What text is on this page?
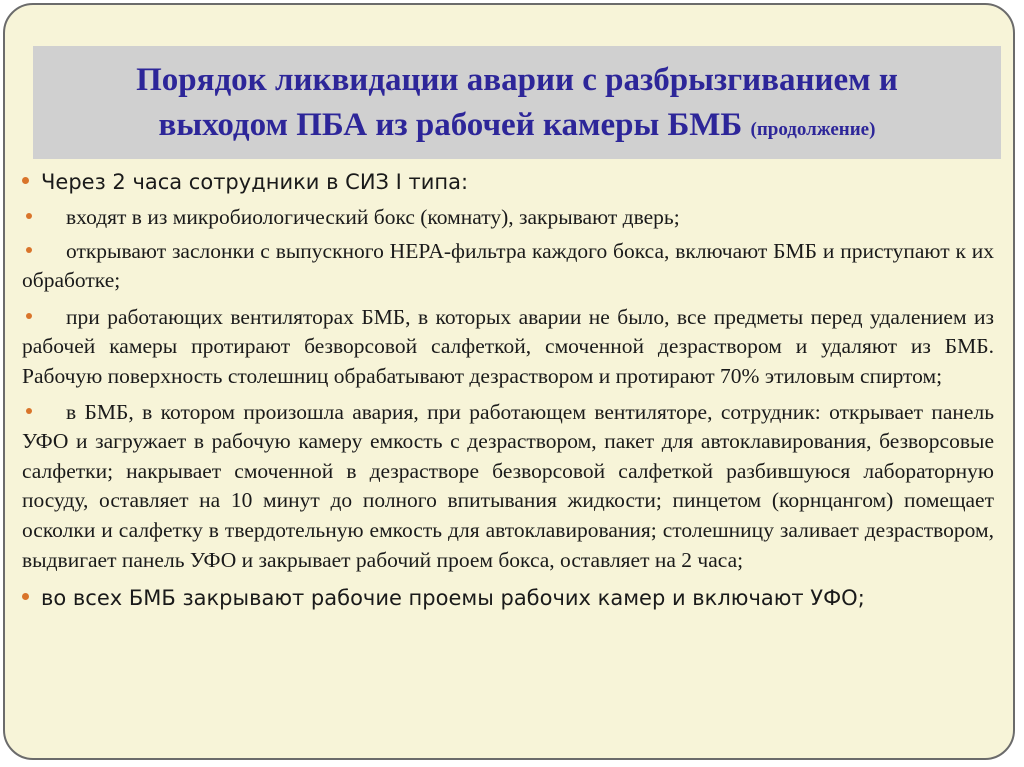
Порядок ликвидации аварии с разбрызгиванием и
выходом ПБА из рабочей камеры БМБ (продолжение)
Через 2 часа сотрудники в СИЗ I типа:
входят в из микробиологический бокс (комнату), закрывают дверь;
открывают заслонки с выпускного HEPA-фильтра каждого бокса, включают БМБ и приступают к их обработке;
при работающих вентиляторах БМБ, в которых аварии не было, все предметы перед удалением из рабочей камеры протирают безворсовой салфеткой, смоченной дезраствором и удаляют из БМБ. Рабочую поверхность столешниц обрабатывают дезраствором и протирают 70% этиловым спиртом;
в БМБ, в котором произошла авария, при работающем вентиляторе, сотрудник: открывает панель УФО и загружает в рабочую камеру емкость с дезраствором, пакет для автоклавирования, безворсовые салфетки; накрывает смоченной в дезрастворе безворсовой салфеткой разбившуюся лабораторную посуду, оставляет на 10 минут до полного впитывания жидкости; пинцетом (корнцангом) помещает осколки и салфетку в твердотельную емкость для автоклавирования; столешницу заливает дезраствором, выдвигает панель УФО и закрывает рабочий проем бокса, оставляет на 2 часа;
во всех БМБ закрывают рабочие проемы рабочих камер и включают УФО;
